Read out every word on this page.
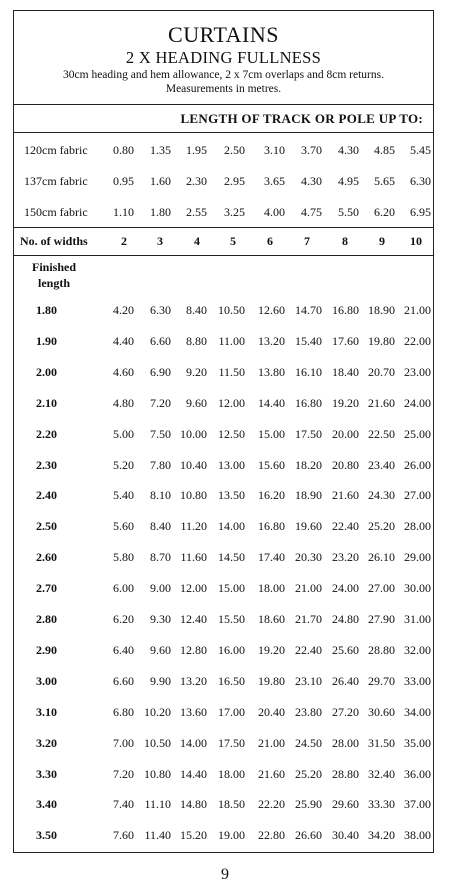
CURTAINS
2 X HEADING FULLNESS
30cm heading and hem allowance, 2 x 7cm overlaps and 8cm returns.
Measurements in metres.
LENGTH OF TRACK OR POLE UP TO:
120cm fabric 0.80 1.35 1.95 2.50 3.10 3.70 4.30 4.85 5.45
137cm fabric 0.95 1.60 2.30 2.95 3.65 4.30 4.95 5.65 6.30
150cm fabric 1.10 1.80 2.55 3.25 4.00 4.75 5.50 6.20 6.95
No. of widths	2	3	4	5	6	7	8	9	10
Finished
length
1.80	4.20 6.30 8.40 10.50 12.60 14.70 16.80 18.90 21.00
1.90	4.40 6.60 8.80 11.00 13.20 15.40 17.60 19.80 22.00
2.00	4.60 6.90 9.20 11.50 13.80 16.10 18.40 20.70 23.00
2.10	4.80 7.20 9.60 12.00 14.40 16.80 19.20 21.60 24.00
2.20	5.00 7.50 10.00 12.50 15.00 17.50 20.00 22.50 25.00
2.30	5.20 7.80 10.40 13.00 15.60 18.20 20.80 23.40 26.00
2.40	5.40 8.10 10.80 13.50 16.20 18.90 21.60 24.30 27.00
2.50	5.60 8.40 11.20 14.00 16.80 19.60 22.40 25.20 28.00
2.60	5.80 8.70 11.60 14.50 17.40 20.30 23.20 26.10 29.00
2.70	6.00 9.00 12.00 15.00 18.00 21.00 24.00 27.00 30.00
2.80	6.20 9.30 12.40 15.50 18.60 21.70 24.80 27.90 31.00
2.90	6.40 9.60 12.80 16.00 19.20 22.40 25.60 28.80 32.00
3.00	6.60 9.90 13.20 16.50 19.80 23.10 26.40 29.70 33.00
3.10	6.80 10.20 13.60 17.00 20.40 23.80 27.20 30.60 34.00
3.20	7.00 10.50 14.00 17.50 21.00 24.50 28.00 31.50 35.00
3.30	7.20 10.80 14.40 18.00 21.60 25.20 28.80 32.40 36.00
3.40	7.40 11.10 14.80 18.50 22.20 25.90 29.60 33.30 37.00
3.50	7.60 11.40 15.20 19.00 22.80 26.60 30.40 34.20 38.00
9
